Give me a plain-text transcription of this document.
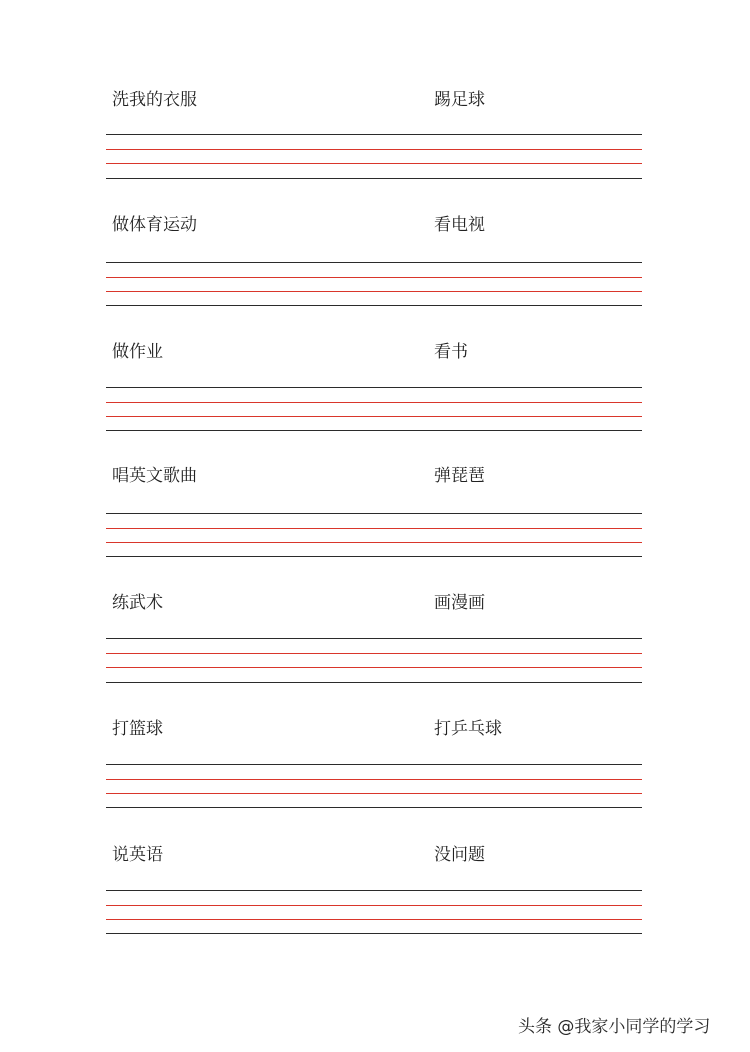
洗我的衣服	踢足球
做体育运动	看电视
做作业	看书
唱英文歌曲	弹琵琶
练武术	画漫画
打篮球	打乒乓球
说英语	没问题
头条 @我家小同学的学习
